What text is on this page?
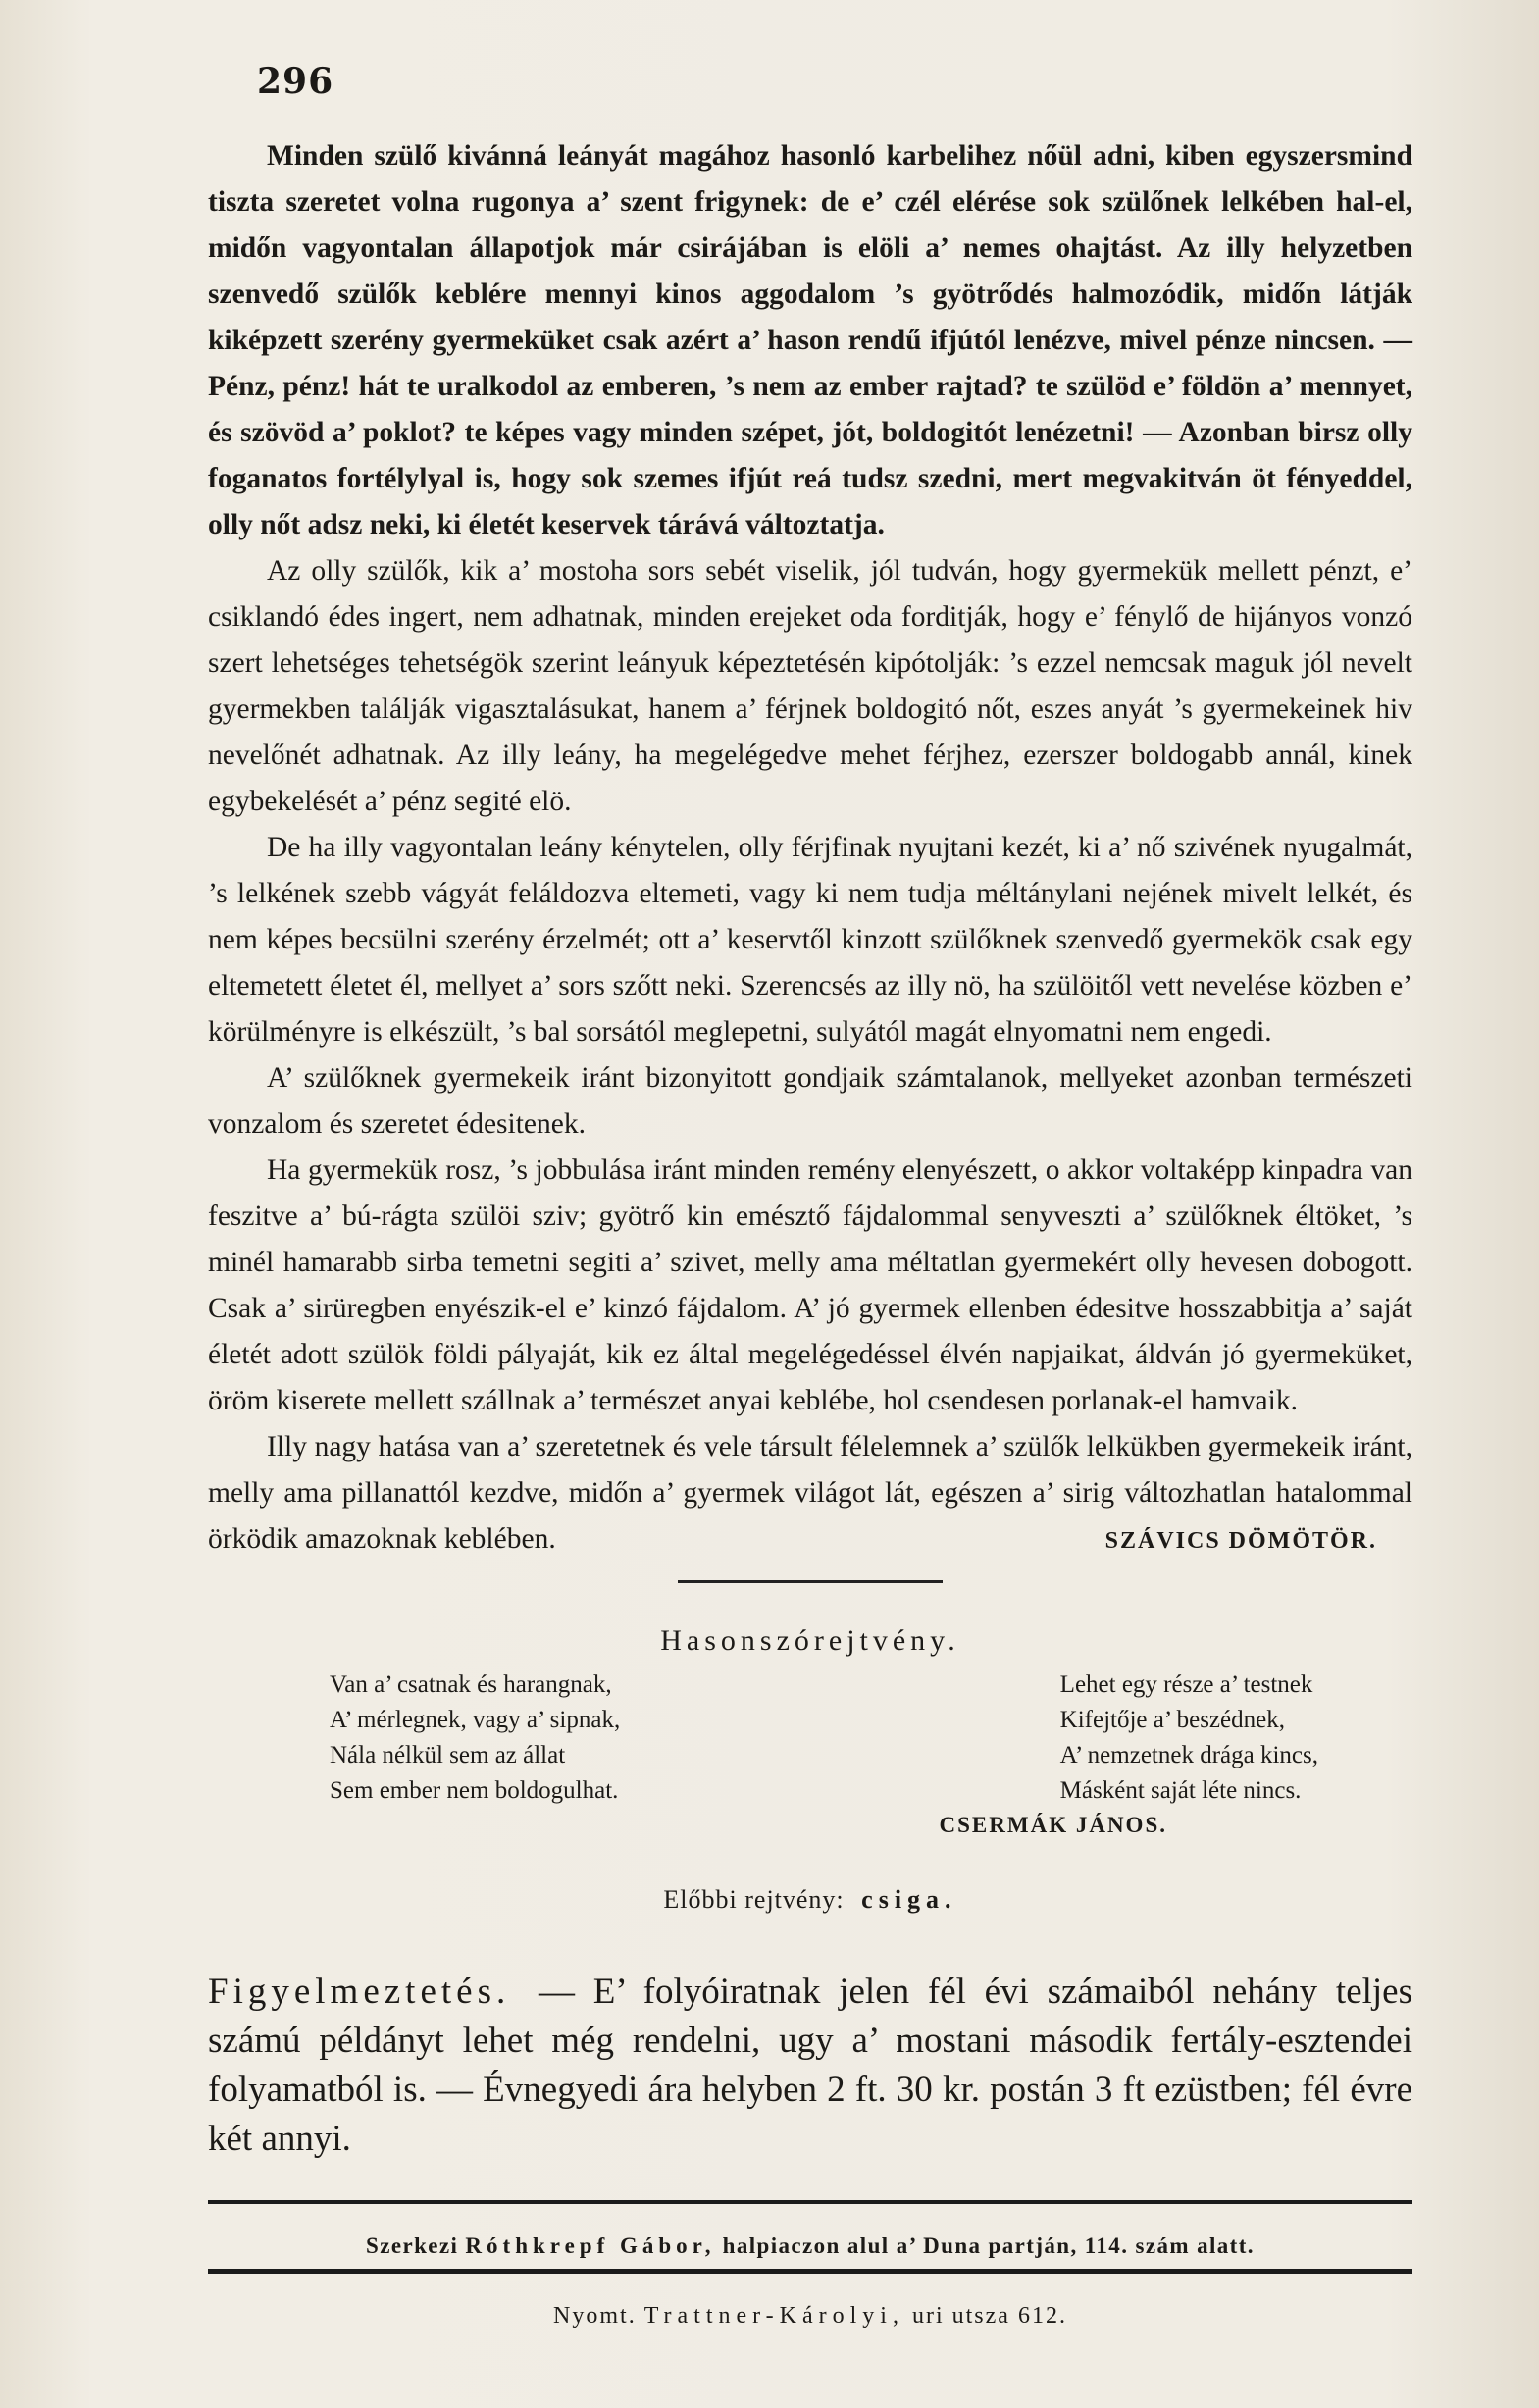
296

Minden szülő kivánná leányát magához hasonló karbelihez nőül adni, kiben egyszersmind tiszta szeretet volna rugonya a’ szent frigynek: de e’ czél elérése sok szülőnek lelkében hal-el, midőn vagyontalan állapotjok már csirájában is elöli a’ nemes ohajtást. Az illy helyzetben szenvedő szülők keblére mennyi kinos aggodalom ’s gyötrődés halmozódik, midőn látják kiképzett szerény gyermeküket csak azért a’ hason rendű ifjútól lenézve, mivel pénze nincsen. — Pénz, pénz! hát te uralkodol az emberen, ’s nem az ember rajtad? te szülöd e’ földön a’ mennyet, és szövöd a’ poklot? te képes vagy minden szépet, jót, boldogitót lenézetni! — Azonban birsz olly foganatos fortélylyal is, hogy sok szemes ifjút reá tudsz szedni, mert megvakitván öt fényeddel, olly nőt adsz neki, ki életét keservek tárává változtatja.

Az olly szülők, kik a’ mostoha sors sebét viselik, jól tudván, hogy gyermekük mellett pénzt, e’ csiklandó édes ingert, nem adhatnak, minden erejeket oda forditják, hogy e’ fénylő de hijányos vonzó szert lehetséges tehetségök szerint leányuk képeztetésén kipótolják: ’s ezzel nemcsak maguk jól nevelt gyermekben találják vigasztalásukat, hanem a’ férjnek boldogitó nőt, eszes anyát ’s gyermekeinek hiv nevelőnét adhatnak. Az illy leány, ha megelégedve mehet férjhez, ezerszer boldogabb annál, kinek egybekelését a’ pénz segité elö.

De ha illy vagyontalan leány kénytelen, olly férjfinak nyujtani kezét, ki a’ nő szivének nyugalmát, ’s lelkének szebb vágyát feláldozva eltemeti, vagy ki nem tudja méltánylani nejének mivelt lelkét, és nem képes becsülni szerény érzelmét; ott a’ keservtől kinzott szülőknek szenvedő gyermekök csak egy eltemetett életet él, mellyet a’ sors szőtt neki. Szerencsés az illy nö, ha szülöitől vett nevelése közben e’ körülményre is elkészült, ’s bal sorsától meglepetni, sulyától magát elnyomatni nem engedi.

A’ szülőknek gyermekeik iránt bizonyitott gondjaik számtalanok, mellyeket azonban természeti vonzalom és szeretet édesitenek.

Ha gyermekük rosz, ’s jobbulása iránt minden remény elenyészett, o akkor voltaképp kinpadra van feszitve a’ bú-rágta szülöi sziv; gyötrő kin emésztő fájdalommal senyveszti a’ szülőknek éltöket, ’s minél hamarabb sirba temetni segiti a’ szivet, melly ama méltatlan gyermekért olly hevesen dobogott. Csak a’ sirüregben enyészik-el e’ kinzó fájdalom. A’ jó gyermek ellenben édesitve hosszabbitja a’ saját életét adott szülök földi pályaját, kik ez által megelégedéssel élvén napjaikat, áldván jó gyermeküket, öröm kiserete mellett szállnak a’ természet anyai keblébe, hol csendesen porlanak-el hamvaik.

Illy nagy hatása van a’ szeretetnek és vele társult félelemnek a’ szülők lelkükben gyermekeik iránt, melly ama pillanattól kezdve, midőn a’ gyermek világot lát, egészen a’ sirig változhatlan hatalommal örködik amazoknak keblében.	SZÁVICS DÖMÖTÖR.
Hasonszórejtvény.
Van a’ csatnak és harangnak,
A’ mérlegnek, vagy a’ sipnak,
Nála nélkül sem az állat
Sem ember nem boldogulhat.
Lehet egy része a’ testnek
Kifejtője a’ beszédnek,
A’ nemzetnek drága kincs,
Másként saját léte nincs.
CSERMÁK JÁNOS.
Előbbi rejtvény: csiga.

Figyelmeztetés. — E’ folyóiratnak jelen fél évi számaiból nehány teljes számú példányt lehet még rendelni, ugy a’ mostani második fertály-esztendei folyamatból is. — Évnegyedi ára helyben 2 ft. 30 kr. postán 3 ft ezüstben; fél évre két annyi.

Szerkezi Róthkrepf Gábor, halpiaczon alul a’ Duna partján, 114. szám alatt.
Nyomt. Trattner-Károlyi, uri utsza 612.
